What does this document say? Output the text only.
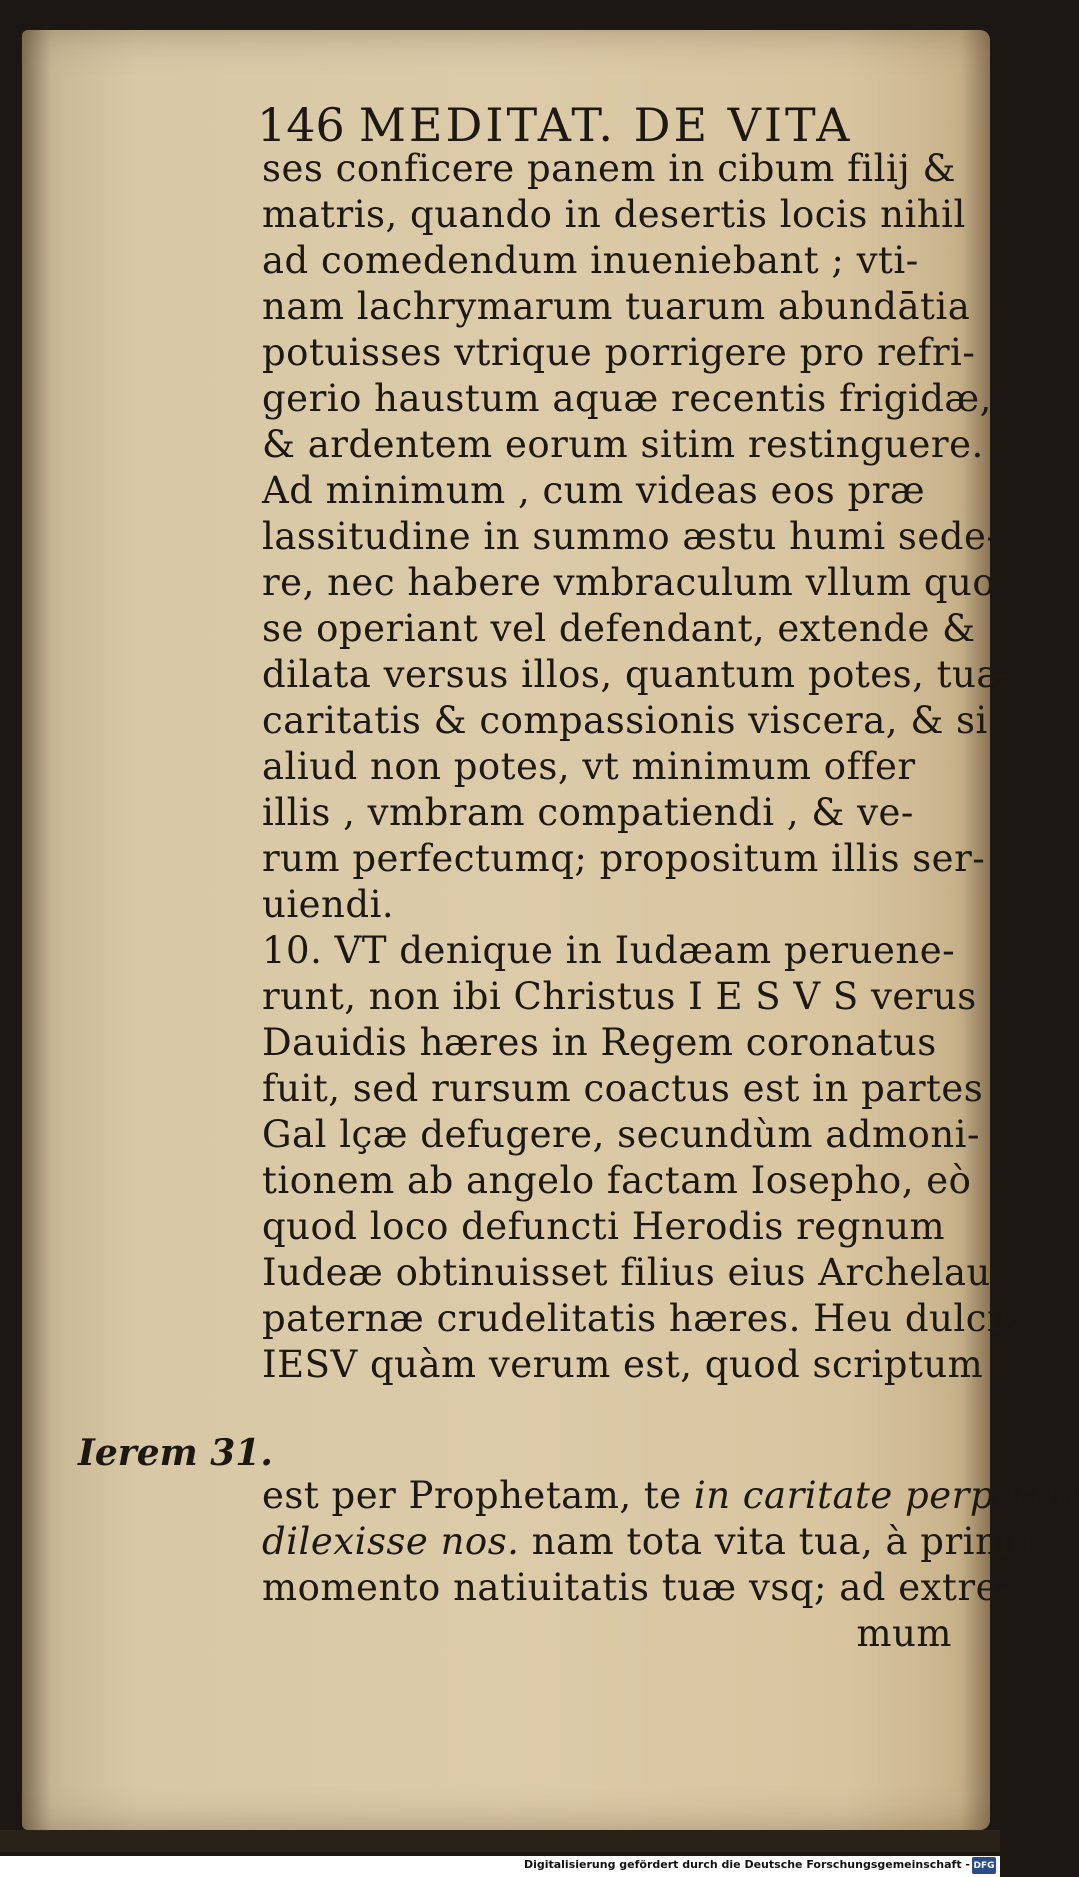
146 MEDITAT. DE VITA
ses conficere panem in cibum filij &
matris, quando in desertis locis nihil
ad comedendum inueniebant ; vti-
nam lachrymarum tuarum abundātia
potuisses vtrique porrigere pro refri-
gerio haustum aquæ recentis frigidæ,
& ardentem eorum sitim restinguere.
Ad minimum , cum videas eos præ
lassitudine in summo æstu humi sede-
re, nec habere vmbraculum vllum quo
se operiant vel defendant, extende &
dilata versus illos, quantum potes, tuæ
caritatis & compassionis viscera, & si
aliud non potes, vt minimum offer
illis , vmbram compatiendi , & ve-
rum perfectumq; propositum illis ser-
uiendi.
10. VT denique in Iudæam peruene-
runt, non ibi Christus I E S V S verus
Dauidis hæres in Regem coronatus
fuit, sed rursum coactus est in partes
Gal lçæ defugere, secundùm admoni-
tionem ab angelo factam Iosepho, eò
quod loco defuncti Herodis regnum
Iudeæ obtinuisset filius eius Archelaus
paternæ crudelitatis hæres. Heu dulcis
IESV quàm verum est, quod scriptum
est per Prophetam, te in caritate perpetua
dilexisse nos. nam tota vita tua, à primo
momento natiuitatis tuæ vsq; ad extre-
mum
Ierem 31.
Digitalisierung gefördert durch die Deutsche Forschungsgemeinschaft - DFG
